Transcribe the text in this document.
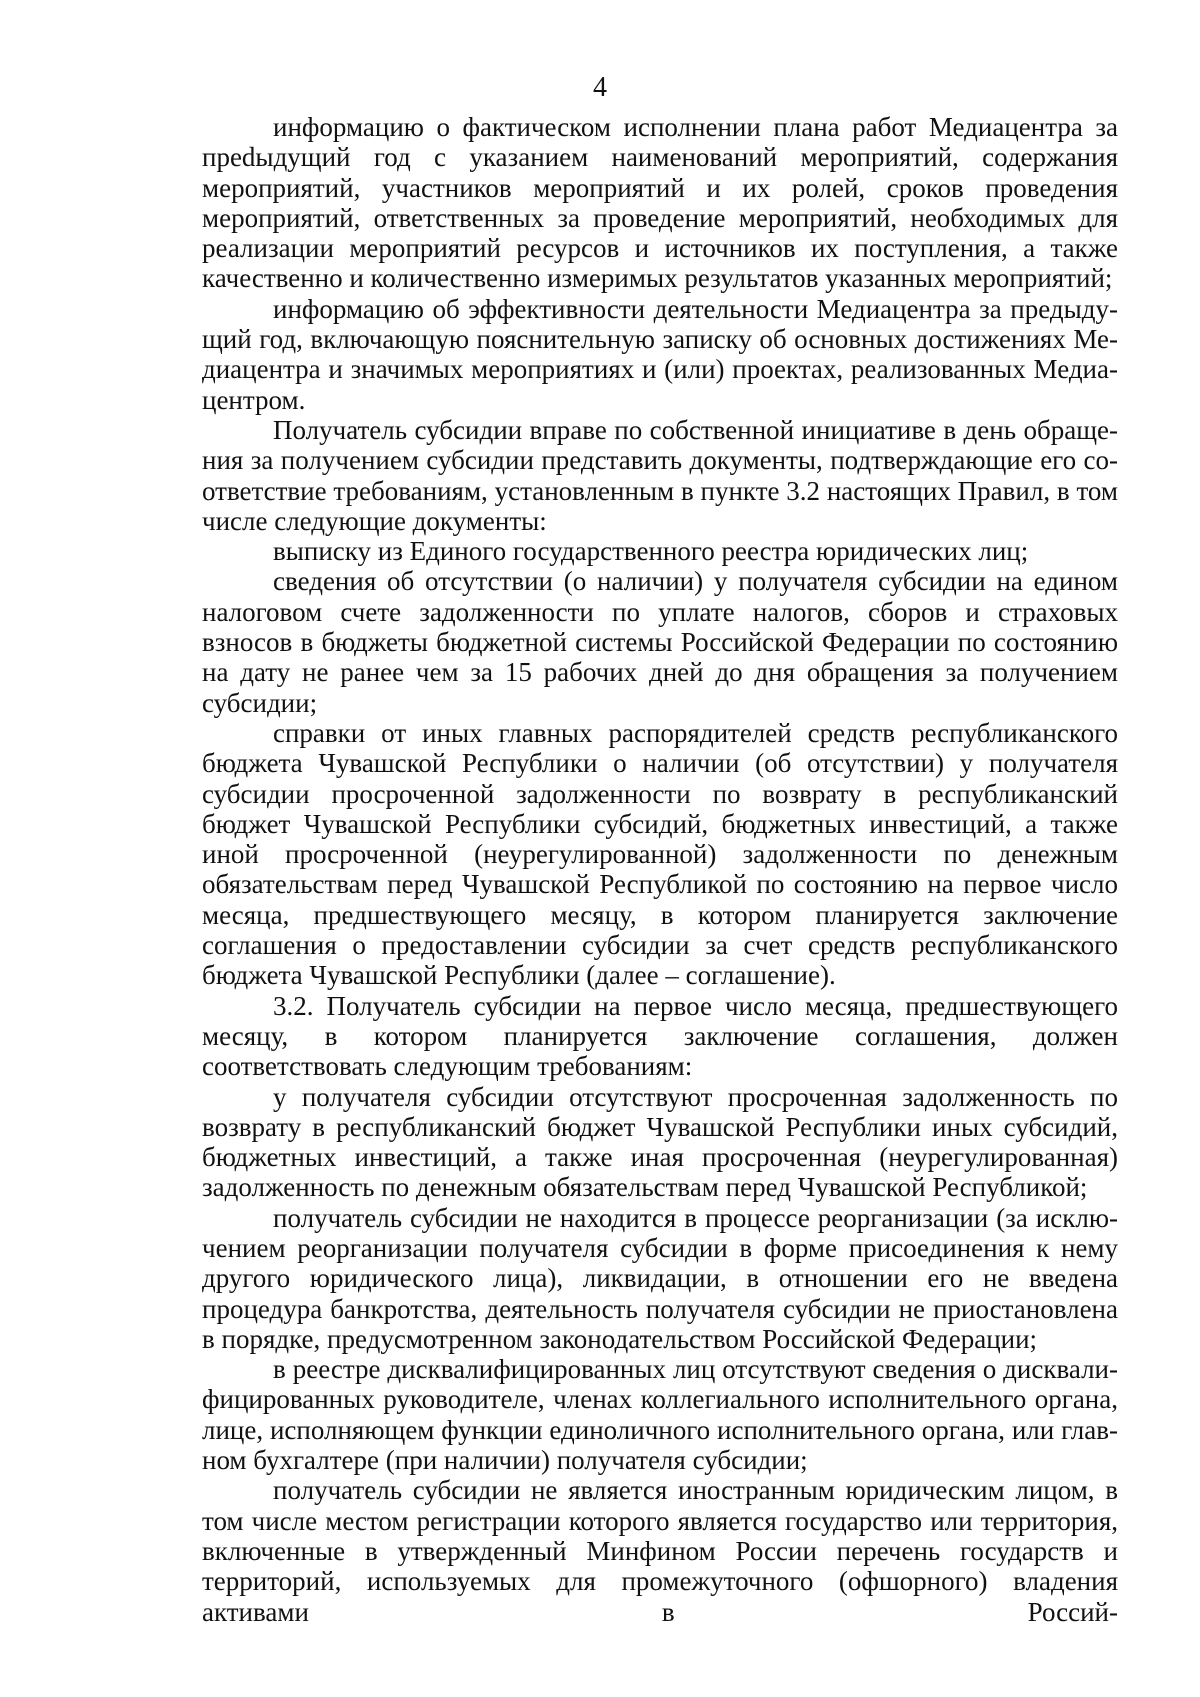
4

информацию о фактическом исполнении плана работ Медиацентра за преdыдущий год с указанием наименований мероприятий, содержания мероприятий, участников мероприятий и их ролей, сроков проведения мероприятий, ответственных за проведение мероприятий, необходимых для реализации мероприятий ресурсов и источников их поступления, а также качественно и количественно измеримых результатов указанных мероприятий;

информацию об эффективности деятельности Медиацентра за предыдущий год, включающую пояснительную записку об основных достижениях Медиацентра и значимых мероприятиях и (или) проектах, реализованных Медиацентром.

Получатель субсидии вправе по собственной инициативе в день обращения за получением субсидии представить документы, подтверждающие его соответствие требованиям, установленным в пункте 3.2 настоящих Правил, в том числе следующие документы:

выписку из Единого государственного реестра юридических лиц;

сведения об отсутствии (о наличии) у получателя субсидии на едином налоговом счете задолженности по уплате налогов, сборов и страховых взносов в бюджеты бюджетной системы Российской Федерации по состоянию на дату не ранее чем за 15 рабочих дней до дня обращения за получением субсидии;

справки от иных главных распорядителей средств республиканского бюджета Чувашской Республики о наличии (об отсутствии) у получателя субсидии просроченной задолженности по возврату в республиканский бюджет Чувашской Республики субсидий, бюджетных инвестиций, а также иной просроченной (неурегулированной) задолженности по денежным обязательствам перед Чувашской Республикой по состоянию на первое число месяца, предшествующего месяцу, в котором планируется заключение соглашения о предоставлении субсидии за счет средств республиканского бюджета Чувашской Республики (далее – соглашение).

3.2. Получатель субсидии на первое число месяца, предшествующего месяцу, в котором планируется заключение соглашения, должен соответствовать следующим требованиям:

у получателя субсидии отсутствуют просроченная задолженность по возврату в республиканский бюджет Чувашской Республики иных субсидий, бюджетных инвестиций, а также иная просроченная (неурегулированная) задолженность по денежным обязательствам перед Чувашской Республикой;

получатель субсидии не находится в процессе реорганизации (за исключением реорганизации получателя субсидии в форме присоединения к нему другого юридического лица), ликвидации, в отношении его не введена процедура банкротства, деятельность получателя субсидии не приостановлена в порядке, предусмотренном законодательством Российской Федерации;

в реестре дисквалифицированных лиц отсутствуют сведения о дисквалифицированных руководителе, членах коллегиального исполнительного органа, лице, исполняющем функции единоличного исполнительного органа, или главном бухгалтере (при наличии) получателя субсидии;

получатель субсидии не является иностранным юридическим лицом, в том числе местом регистрации которого является государство или территория, включенные в утвержденный Минфином России перечень государств и территорий, используемых для промежуточного (офшорного) владения активами в Россий-
